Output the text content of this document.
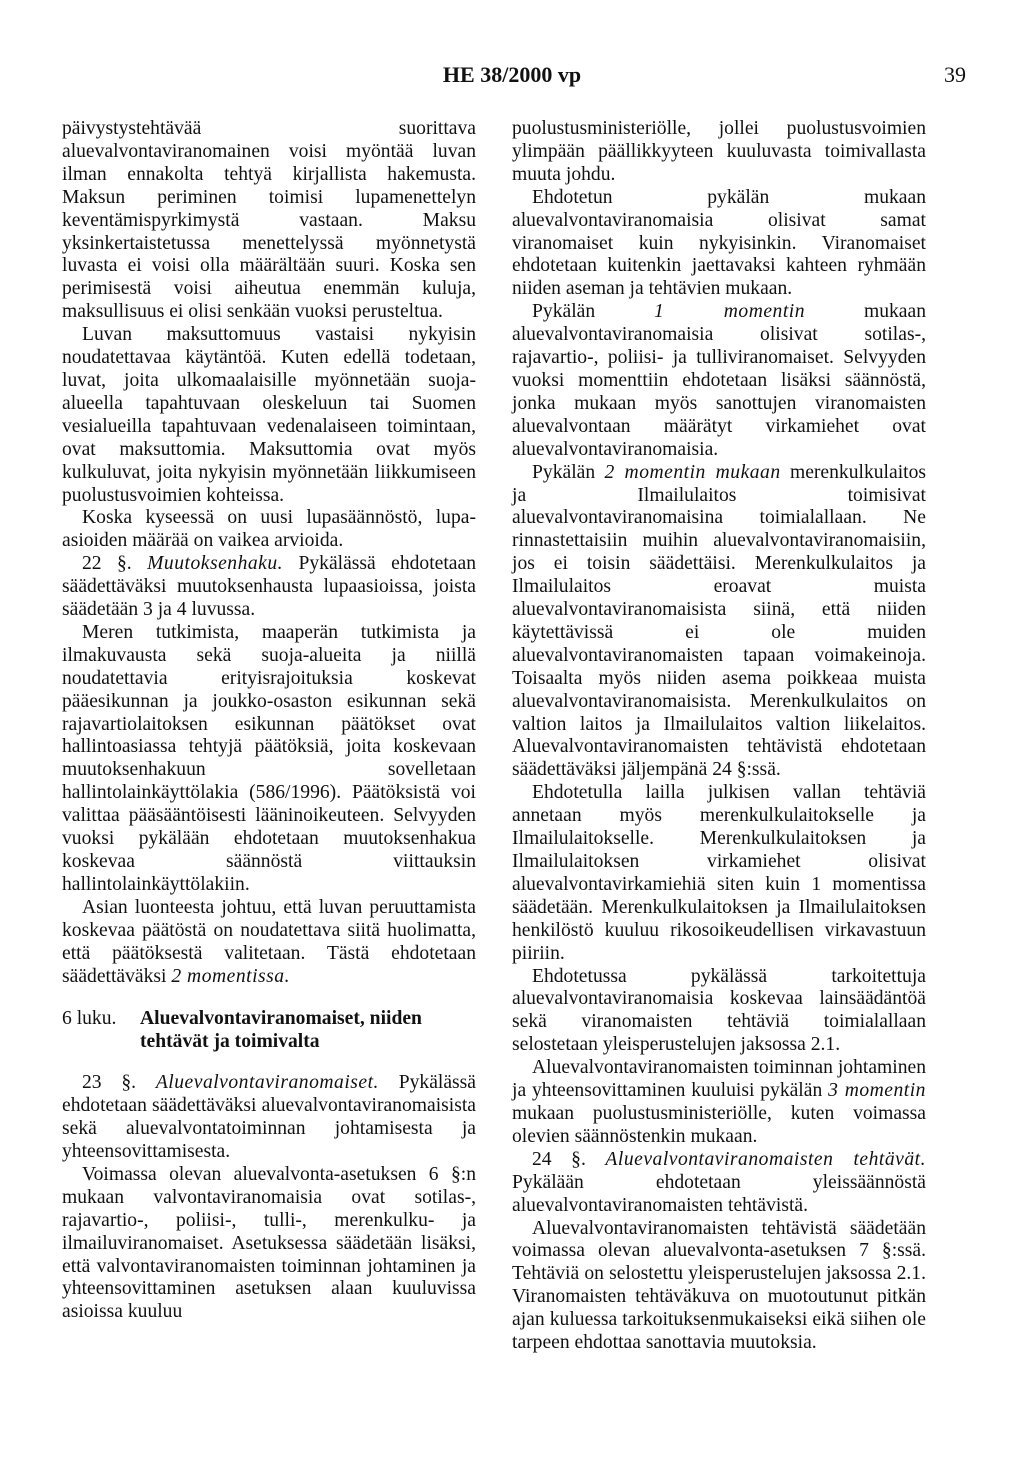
HE 38/2000 vp	39

päivystystehtävää suorittava aluevalvontaviranomainen voisi myöntää luvan ilman ennakolta tehtyä kirjallista hakemusta. Maksun periminen toimisi lupamenettelyn keventämispyrkimystä vastaan. Maksu yksinkertaistetussa menettelyssä myönnetystä luvasta ei voisi olla määrältään suuri. Koska sen perimisestä voisi aiheutua enemmän kuluja, maksullisuus ei olisi senkään vuoksi perusteltua.

Luvan maksuttomuus vastaisi nykyisin noudatettavaa käytäntöä. Kuten edellä todetaan, luvat, joita ulkomaalaisille myönnetään suoja-alueella tapahtuvaan oleskeluun tai Suomen vesialueilla tapahtuvaan vedenalaiseen toimintaan, ovat maksuttomia. Maksuttomia ovat myös kulkuluvat, joita nykyisin myönnetään liikkumiseen puolustusvoimien kohteissa.

Koska kyseessä on uusi lupasäännöstö, lupa-asioiden määrää on vaikea arvioida.

22 §. Muutoksenhaku. Pykälässä ehdotetaan säädettäväksi muutoksenhausta lupaasioissa, joista säädetään 3 ja 4 luvussa.

Meren tutkimista, maaperän tutkimista ja ilmakuvausta sekä suoja-alueita ja niillä noudatettavia erityisrajoituksia koskevat pääesikunnan ja joukko-osaston esikunnan sekä rajavartiolaitoksen esikunnan päätökset ovat hallintoasiassa tehtyjä päätöksiä, joita koskevaan muutoksenhakuun sovelletaan hallintolainkäyttölakia (586/1996). Päätöksistä voi valittaa pääsääntöisesti lääninoikeuteen. Selvyyden vuoksi pykälään ehdotetaan muutoksenhakua koskevaa säännöstä viittauksin hallintolainkäyttölakiin.

Asian luonteesta johtuu, että luvan peruuttamista koskevaa päätöstä on noudatettava siitä huolimatta, että päätöksestä valitetaan. Tästä ehdotetaan säädettäväksi 2 momentissa.

6 luku.	Aluevalvontaviranomaiset, niiden tehtävät ja toimivalta

23 §. Aluevalvontaviranomaiset. Pykälässä ehdotetaan säädettäväksi aluevalvontaviranomaisista sekä aluevalvontatoiminnan johtamisesta ja yhteensovittamisesta.

Voimassa olevan aluevalvonta-asetuksen 6 §:n mukaan valvontaviranomaisia ovat sotilas-, rajavartio-, poliisi-, tulli-, merenkulku- ja ilmailuviranomaiset. Asetuksessa säädetään lisäksi, että valvontaviranomaisten toiminnan johtaminen ja yhteensovittaminen asetuksen alaan kuuluvissa asioissa kuuluu

puolustusministeriölle, jollei puolustusvoimien ylimpään päällikkyyteen kuuluvasta toimivallasta muuta johdu.

Ehdotetun pykälän mukaan aluevalvontaviranomaisia olisivat samat viranomaiset kuin nykyisinkin. Viranomaiset ehdotetaan kuitenkin jaettavaksi kahteen ryhmään niiden aseman ja tehtävien mukaan.

Pykälän 1 momentin mukaan aluevalvontaviranomaisia olisivat sotilas-, rajavartio-, poliisi- ja tulliviranomaiset. Selvyyden vuoksi momenttiin ehdotetaan lisäksi säännöstä, jonka mukaan myös sanottujen viranomaisten aluevalvontaan määrätyt virkamiehet ovat aluevalvontaviranomaisia.

Pykälän 2 momentin mukaan merenkulkulaitos ja Ilmailulaitos toimisivat aluevalvontaviranomaisina toimialallaan. Ne rinnastettaisiin muihin aluevalvontaviranomaisiin, jos ei toisin säädettäisi. Merenkulkulaitos ja Ilmailulaitos eroavat muista aluevalvontaviranomaisista siinä, että niiden käytettävissä ei ole muiden aluevalvontaviranomaisten tapaan voimakeinoja. Toisaalta myös niiden asema poikkeaa muista aluevalvontaviranomaisista. Merenkulkulaitos on valtion laitos ja Ilmailulaitos valtion liikelaitos. Aluevalvontaviranomaisten tehtävistä ehdotetaan säädettäväksi jäljempänä 24 §:ssä.

Ehdotetulla lailla julkisen vallan tehtäviä annetaan myös merenkulkulaitokselle ja Ilmailulaitokselle. Merenkulkulaitoksen ja Ilmailulaitoksen virkamiehet olisivat aluevalvontavirkamiehiä siten kuin 1 momentissa säädetään. Merenkulkulaitoksen ja Ilmailulaitoksen henkilöstö kuuluu rikosoikeudellisen virkavastuun piiriin.

Ehdotetussa pykälässä tarkoitettuja aluevalvontaviranomaisia koskevaa lainsäädäntöä sekä viranomaisten tehtäviä toimialallaan selostetaan yleisperustelujen jaksossa 2.1.

Aluevalvontaviranomaisten toiminnan johtaminen ja yhteensovittaminen kuuluisi pykälän 3 momentin mukaan puolustusministeriölle, kuten voimassa olevien säännöstenkin mukaan.

24 §. Aluevalvontaviranomaisten tehtävät. Pykälään ehdotetaan yleissäännöstä aluevalvontaviranomaisten tehtävistä.

Aluevalvontaviranomaisten tehtävistä säädetään voimassa olevan aluevalvonta-asetuksen 7 §:ssä. Tehtäviä on selostettu yleisperustelujen jaksossa 2.1. Viranomaisten tehtäväkuva on muotoutunut pitkän ajan kuluessa tarkoituksenmukaiseksi eikä siihen ole tarpeen ehdottaa sanottavia muutoksia.
